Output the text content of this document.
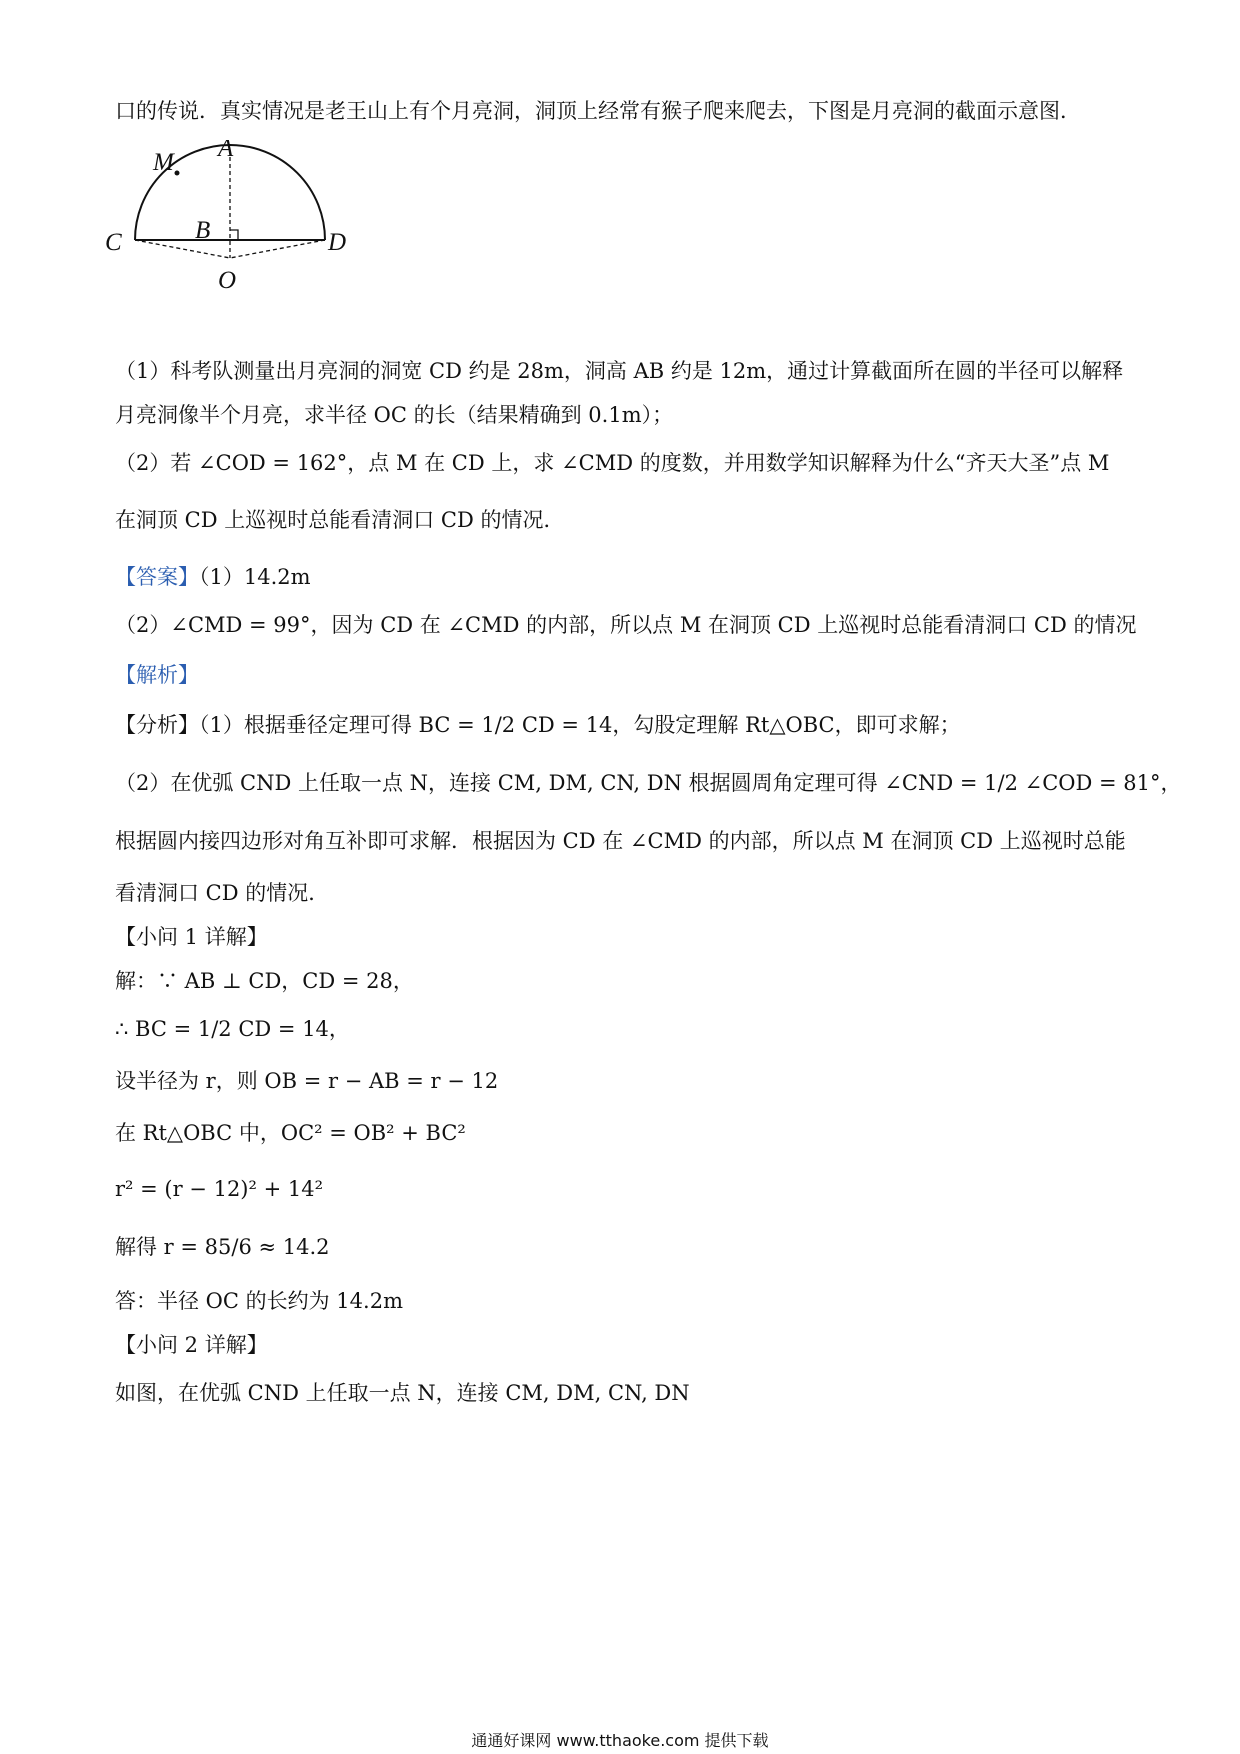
口的传说．真实情况是老王山上有个月亮洞，洞顶上经常有猴子爬来爬去，下图是月亮洞的截面示意图．
M
A
B
C	D
O
（1）科考队测量出月亮洞的洞宽 CD 约是 28m，洞高 AB 约是 12m，通过计算截面所在圆的半径可以解释
月亮洞像半个月亮，求半径 OC 的长（结果精确到 0.1m）；
（2）若 ∠COD = 162°，点 M 在 CD 上，求 ∠CMD 的度数，并用数学知识解释为什么“齐天大圣”点 M
在洞顶 CD 上巡视时总能看清洞口 CD 的情况．
【答案】（1）14.2m
（2）∠CMD = 99°，因为 CD 在 ∠CMD 的内部，所以点 M 在洞顶 CD 上巡视时总能看清洞口 CD 的情况
【解析】
【分析】（1）根据垂径定理可得 BC = 1/2 CD = 14，勾股定理解 Rt△OBC，即可求解；
（2）在优弧 CND 上任取一点 N，连接 CM, DM, CN, DN 根据圆周角定理可得 ∠CND = 1/2 ∠COD = 81°，
根据圆内接四边形对角互补即可求解．根据因为 CD 在 ∠CMD 的内部，所以点 M 在洞顶 CD 上巡视时总能
看清洞口 CD 的情况．
【小问 1 详解】
解：∵ AB ⊥ CD，CD = 28，
∴ BC = 1/2 CD = 14，
设半径为 r，则 OB = r − AB = r − 12
在 Rt△OBC 中，OC² = OB² + BC²
r² = (r − 12)² + 14²
解得 r = 85/6 ≈ 14.2
答：半径 OC 的长约为 14.2m
【小问 2 详解】
如图，在优弧 CND 上任取一点 N，连接 CM, DM, CN, DN
通通好课网 www.tthaoke.com 提供下载
